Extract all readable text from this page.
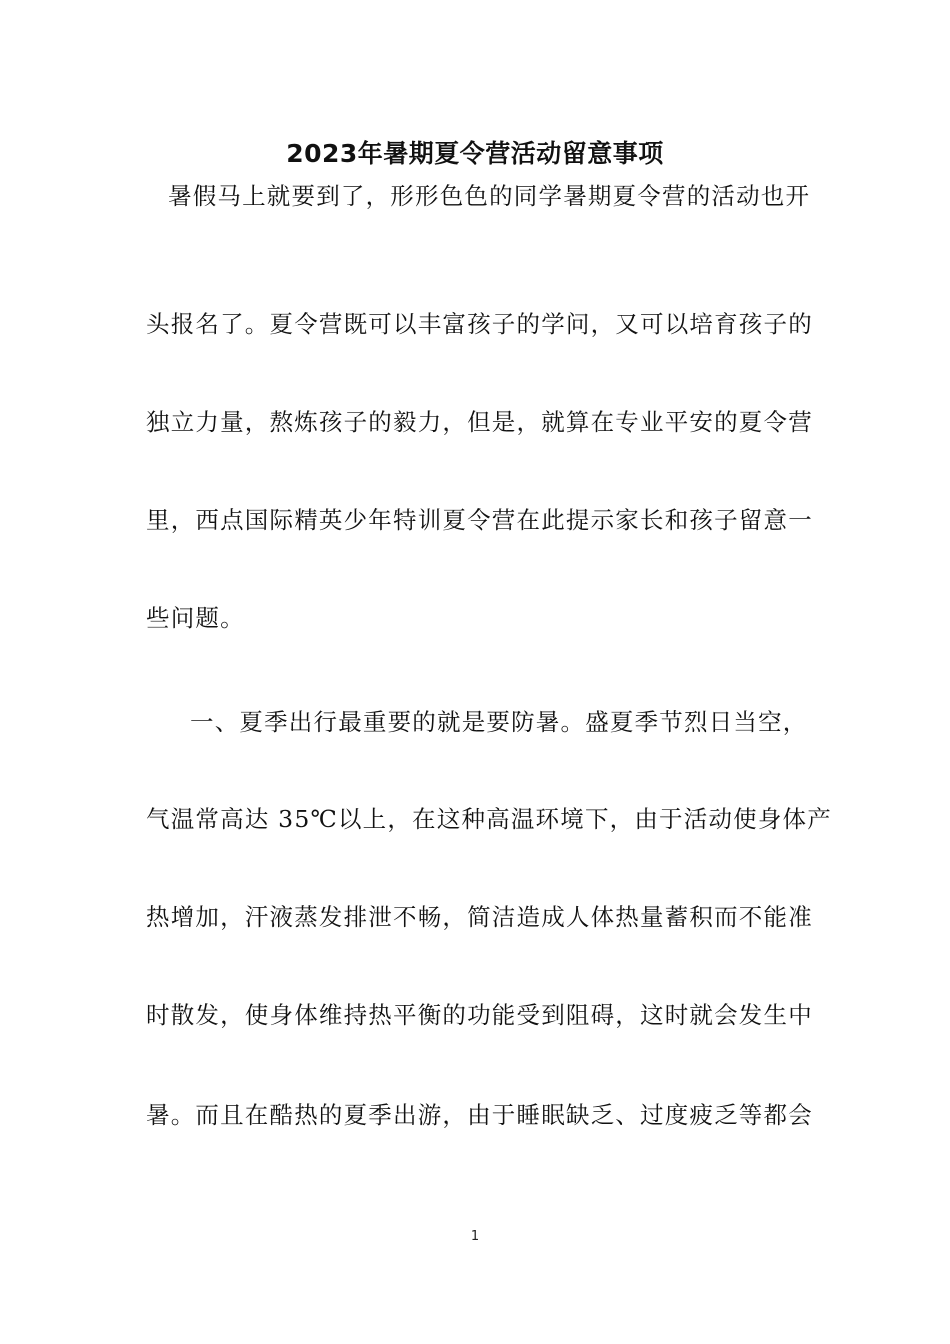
2023年暑期夏令营活动留意事项
暑假马上就要到了，形形色色的同学暑期夏令营的活动也开
头报名了。夏令营既可以丰富孩子的学问，又可以培育孩子的
独立力量，熬炼孩子的毅力，但是，就算在专业平安的夏令营
里，西点国际精英少年特训夏令营在此提示家长和孩子留意一
些问题。
一、夏季出行最重要的就是要防暑。盛夏季节烈日当空，
气温常高达 35℃以上，在这种高温环境下，由于活动使身体产
热增加，汗液蒸发排泄不畅，简洁造成人体热量蓄积而不能准
时散发，使身体维持热平衡的功能受到阻碍，这时就会发生中
暑。而且在酷热的夏季出游，由于睡眠缺乏、过度疲乏等都会
1
